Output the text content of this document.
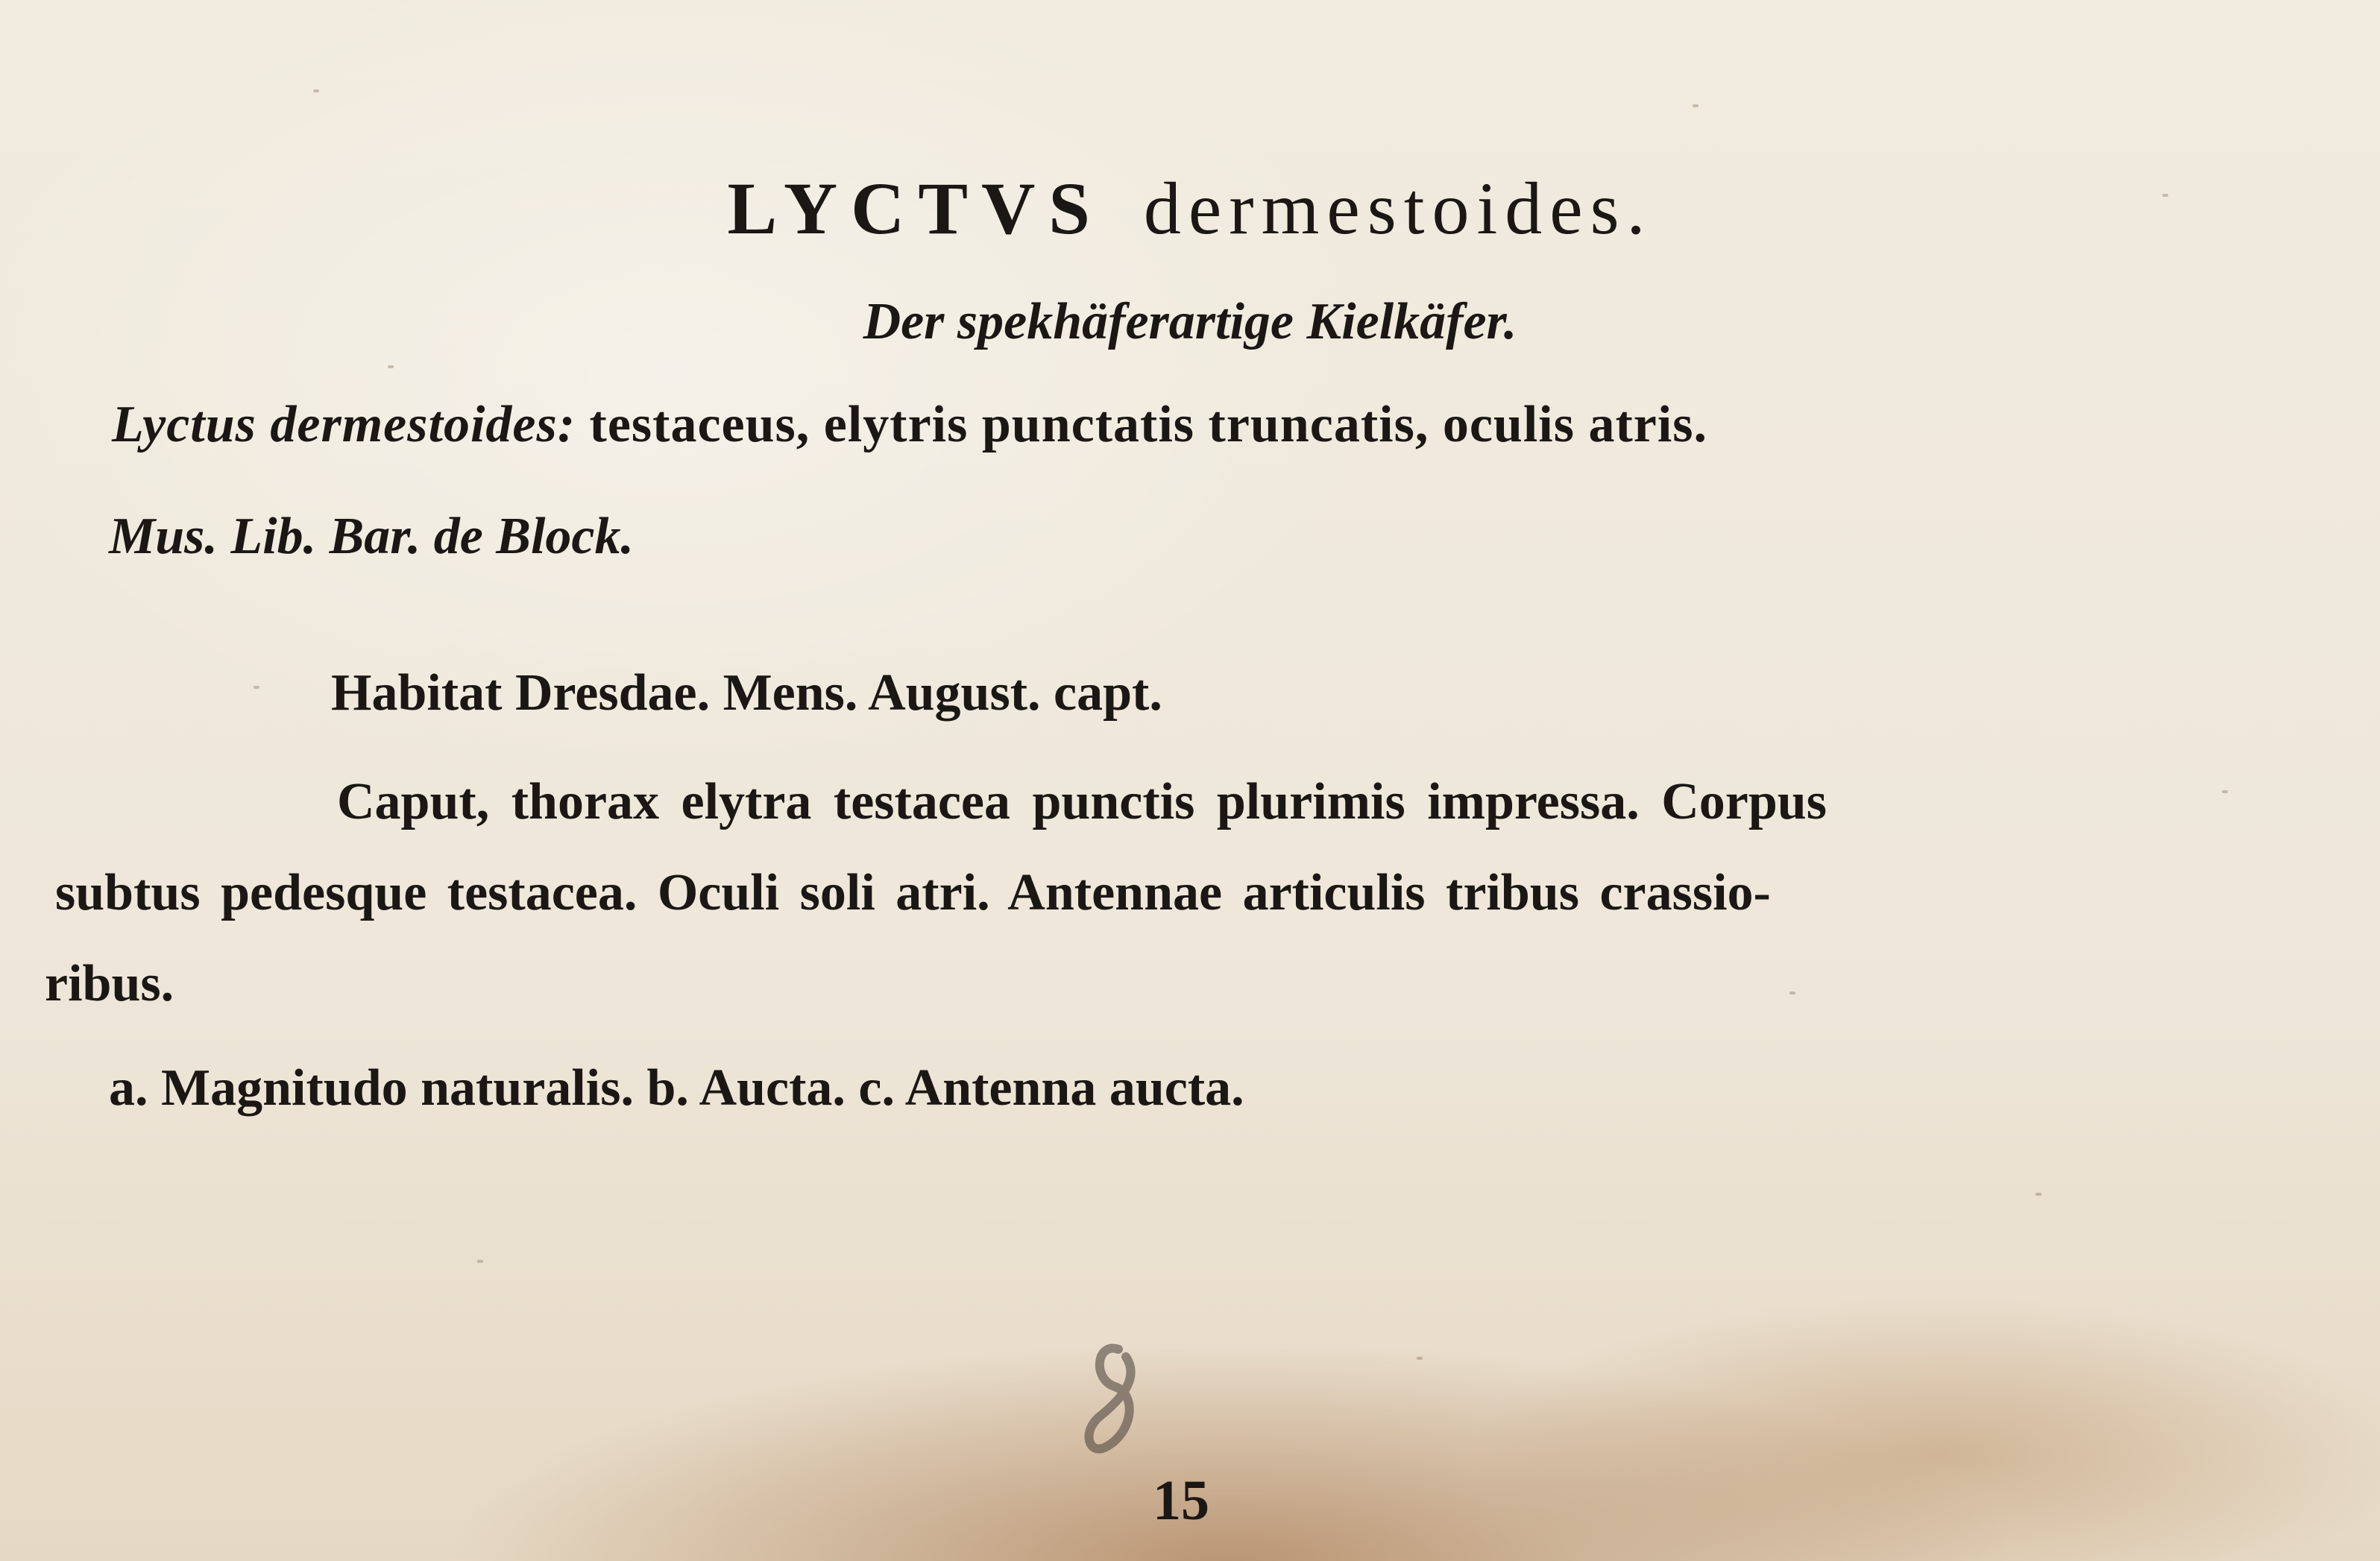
LYCTVS dermestoides.

Der spekhäferartige Kielkäfer.

Lyctus dermestoides: testaceus, elytris punctatis truncatis, oculis atris.

Mus. Lib. Bar. de Block.

Habitat Dresdae. Mens. August. capt.

Caput, thorax elytra testacea punctis plurimis impressa. Corpus

subtus pedesque testacea. Oculi soli atri. Antennae articulis tribus crassio-

ribus.

a. Magnitudo naturalis. b. Aucta. c. Antenna aucta.

15
